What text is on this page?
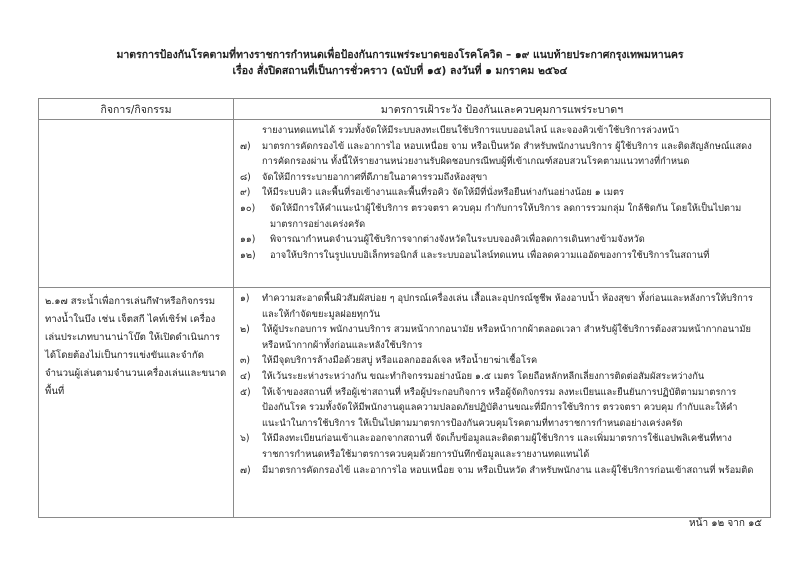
มาตรการป้องกันโรคตามที่ทางราชการกำหนดเพื่อป้องกันการแพร่ระบาดของโรคโควิด – ๑๙ แนบท้ายประกาศกรุงเทพมหานคร
เรื่อง สั่งปิดสถานที่เป็นการชั่วคราว (ฉบับที่ ๑๕) ลงวันที่ ๑ มกราคม ๒๕๖๔
กิจการ/กิจกรรม	มาตรการเฝ้าระวัง ป้องกันและควบคุมการแพร่ระบาดฯ

รายงานทดแทนได้ รวมทั้งจัดให้มีระบบลงทะเบียนใช้บริการแบบออนไลน์ และจองคิวเข้าใช้บริการล่วงหน้า
๗)	มาตรการคัดกรองไข้ และอาการไอ หอบเหนื่อย จาม หรือเป็นหวัด สำหรับพนักงานบริการ ผู้ใช้บริการ และติดสัญลักษณ์แสดงการคัดกรองผ่าน ทั้งนี้ให้รายงานหน่วยงานรับผิดชอบกรณีพบผู้ที่เข้าเกณฑ์สอบสวนโรคตามแนวทางที่กำหนด
๘)	จัดให้มีการระบายอากาศที่ดีภายในอาคารรวมถึงห้องสุขา
๙)	ให้มีระบบคิว และพื้นที่รอเข้างานและพื้นที่รอคิว จัดให้มีที่นั่งหรือยืนห่างกันอย่างน้อย ๑ เมตร
๑๐)	จัดให้มีการให้คำแนะนำผู้ใช้บริการ ตรวจตรา ควบคุม กำกับการให้บริการ ลดการรวมกลุ่ม ใกล้ชิดกัน โดยให้เป็นไปตามมาตรการอย่างเคร่งครัด
๑๑)	พิจารณากำหนดจำนวนผู้ใช้บริการจากต่างจังหวัดในระบบจองคิวเพื่อลดการเดินทางข้ามจังหวัด
๑๒)	อาจให้บริการในรูปแบบอิเล็กทรอนิกส์ และระบบออนไลน์ทดแทน เพื่อลดความแออัดของการใช้บริการในสถานที่

๒.๑๗ สระน้ำเพื่อการเล่นกีฬาหรือกิจกรรมทางน้ำในบึง เช่น เจ็ตสกี ไคท์เซิร์ฟ เครื่องเล่นประเภทบานาน่าโบ๊ต ให้เปิดดำเนินการได้โดยต้องไม่เป็นการแข่งขันและจำกัดจำนวนผู้เล่นตามจำนวนเครื่องเล่นและขนาดพื้นที่	
๑)	ทำความสะอาดพื้นผิวสัมผัสบ่อย ๆ อุปกรณ์เครื่องเล่น เสื้อและอุปกรณ์ชูชีพ ห้องอาบน้ำ ห้องสุขา ทั้งก่อนและหลังการให้บริการ และให้กำจัดขยะมูลฝอยทุกวัน
๒)	ให้ผู้ประกอบการ พนักงานบริการ สวมหน้ากากอนามัย หรือหน้ากากผ้าตลอดเวลา สำหรับผู้ใช้บริการต้องสวมหน้ากากอนามัยหรือหน้ากากผ้าทั้งก่อนและหลังใช้บริการ
๓)	ให้มีจุดบริการล้างมือด้วยสบู่ หรือแอลกอฮอล์เจล หรือน้ำยาฆ่าเชื้อโรค
๔)	ให้เว้นระยะห่างระหว่างกัน ขณะทำกิจกรรมอย่างน้อย ๑.๕ เมตร โดยถือหลักหลีกเลี่ยงการติดต่อสัมผัสระหว่างกัน
๕)	ให้เจ้าของสถานที่ หรือผู้เช่าสถานที่ หรือผู้ประกอบกิจการ หรือผู้จัดกิจกรรม ลงทะเบียนและยืนยันการปฏิบัติตามมาตรการป้องกันโรค รวมทั้งจัดให้มีพนักงานดูแลความปลอดภัยปฏิบัติงานขณะที่มีการใช้บริการ ตรวจตรา ควบคุม กำกับและให้คำแนะนำในการใช้บริการ ให้เป็นไปตามมาตรการป้องกันควบคุมโรคตามที่ทางราชการกำหนดอย่างเคร่งครัด
๖)	ให้มีลงทะเบียนก่อนเข้าและออกจากสถานที่ จัดเก็บข้อมูลและติดตามผู้ใช้บริการ และเพิ่มมาตรการใช้แอปพลิเคชันที่ทางราชการกำหนดหรือใช้มาตรการควบคุมด้วยการบันทึกข้อมูลและรายงานทดแทนได้
๗)	มีมาตรการคัดกรองไข้ และอาการไอ หอบเหนื่อย จาม หรือเป็นหวัด สำหรับพนักงาน และผู้ใช้บริการก่อนเข้าสถานที่ พร้อมติด
หน้า ๑๒ จาก ๑๕
